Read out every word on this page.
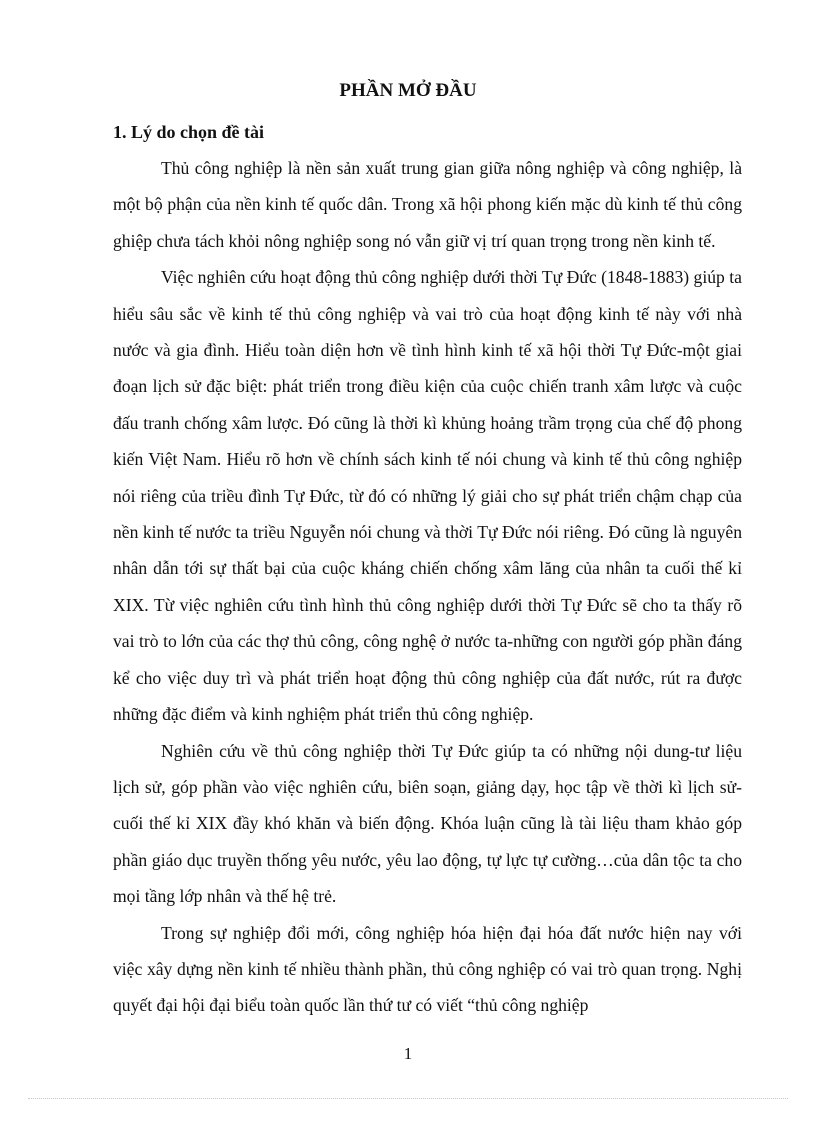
PHẦN MỞ ĐẦU
1. Lý do chọn đề tài

Thủ công nghiệp là nền sản xuất trung gian giữa nông nghiệp và công nghiệp, là một bộ phận của nền kinh tế quốc dân. Trong xã hội phong kiến mặc dù kinh tế thủ công ghiệp chưa tách khỏi nông nghiệp song nó vẫn giữ vị trí quan trọng trong nền kinh tế.

Việc nghiên cứu hoạt động thủ công nghiệp dưới thời Tự Đức (1848-1883) giúp ta hiểu sâu sắc về kinh tế thủ công nghiệp và vai trò của hoạt động kinh tế này với nhà nước và gia đình. Hiểu toàn diện hơn về tình hình kinh tế xã hội thời Tự Đức-một giai đoạn lịch sử đặc biệt: phát triển trong điều kiện của cuộc chiến tranh xâm lược và cuộc đấu tranh chống xâm lược. Đó cũng là thời kì khủng hoảng trầm trọng của chế độ phong kiến Việt Nam. Hiểu rõ hơn về chính sách kinh tế nói chung và kinh tế thủ công nghiệp nói riêng của triều đình Tự Đức, từ đó có những lý giải cho sự phát triển chậm chạp của nền kinh tế nước ta triều Nguyễn nói chung và thời Tự Đức nói riêng. Đó cũng là nguyên nhân dẫn tới sự thất bại của cuộc kháng chiến chống xâm lăng của nhân ta cuối thế kỉ XIX. Từ việc nghiên cứu tình hình thủ công nghiệp dưới thời Tự Đức sẽ cho ta thấy rõ vai trò to lớn của các thợ thủ công, công nghệ ở nước ta-những con người góp phần đáng kể cho việc duy trì và phát triển hoạt động thủ công nghiệp của đất nước, rút ra được những đặc điểm và kinh nghiệm phát triển thủ công nghiệp.

Nghiên cứu về thủ công nghiệp thời Tự Đức giúp ta có những nội dung-tư liệu lịch sử, góp phần vào việc nghiên cứu, biên soạn, giảng dạy, học tập về thời kì lịch sử-cuối thế kỉ XIX đầy khó khăn và biến động. Khóa luận cũng là tài liệu tham khảo góp phần giáo dục truyền thống yêu nước, yêu lao động, tự lực tự cường…của dân tộc ta cho mọi tầng lớp nhân và thế hệ trẻ.

Trong sự nghiệp đổi mới, công nghiệp hóa hiện đại hóa đất nước hiện nay với việc xây dựng nền kinh tế nhiều thành phần, thủ công nghiệp có vai trò quan trọng. Nghị quyết đại hội đại biểu toàn quốc lần thứ tư có viết “thủ công nghiệp

1
